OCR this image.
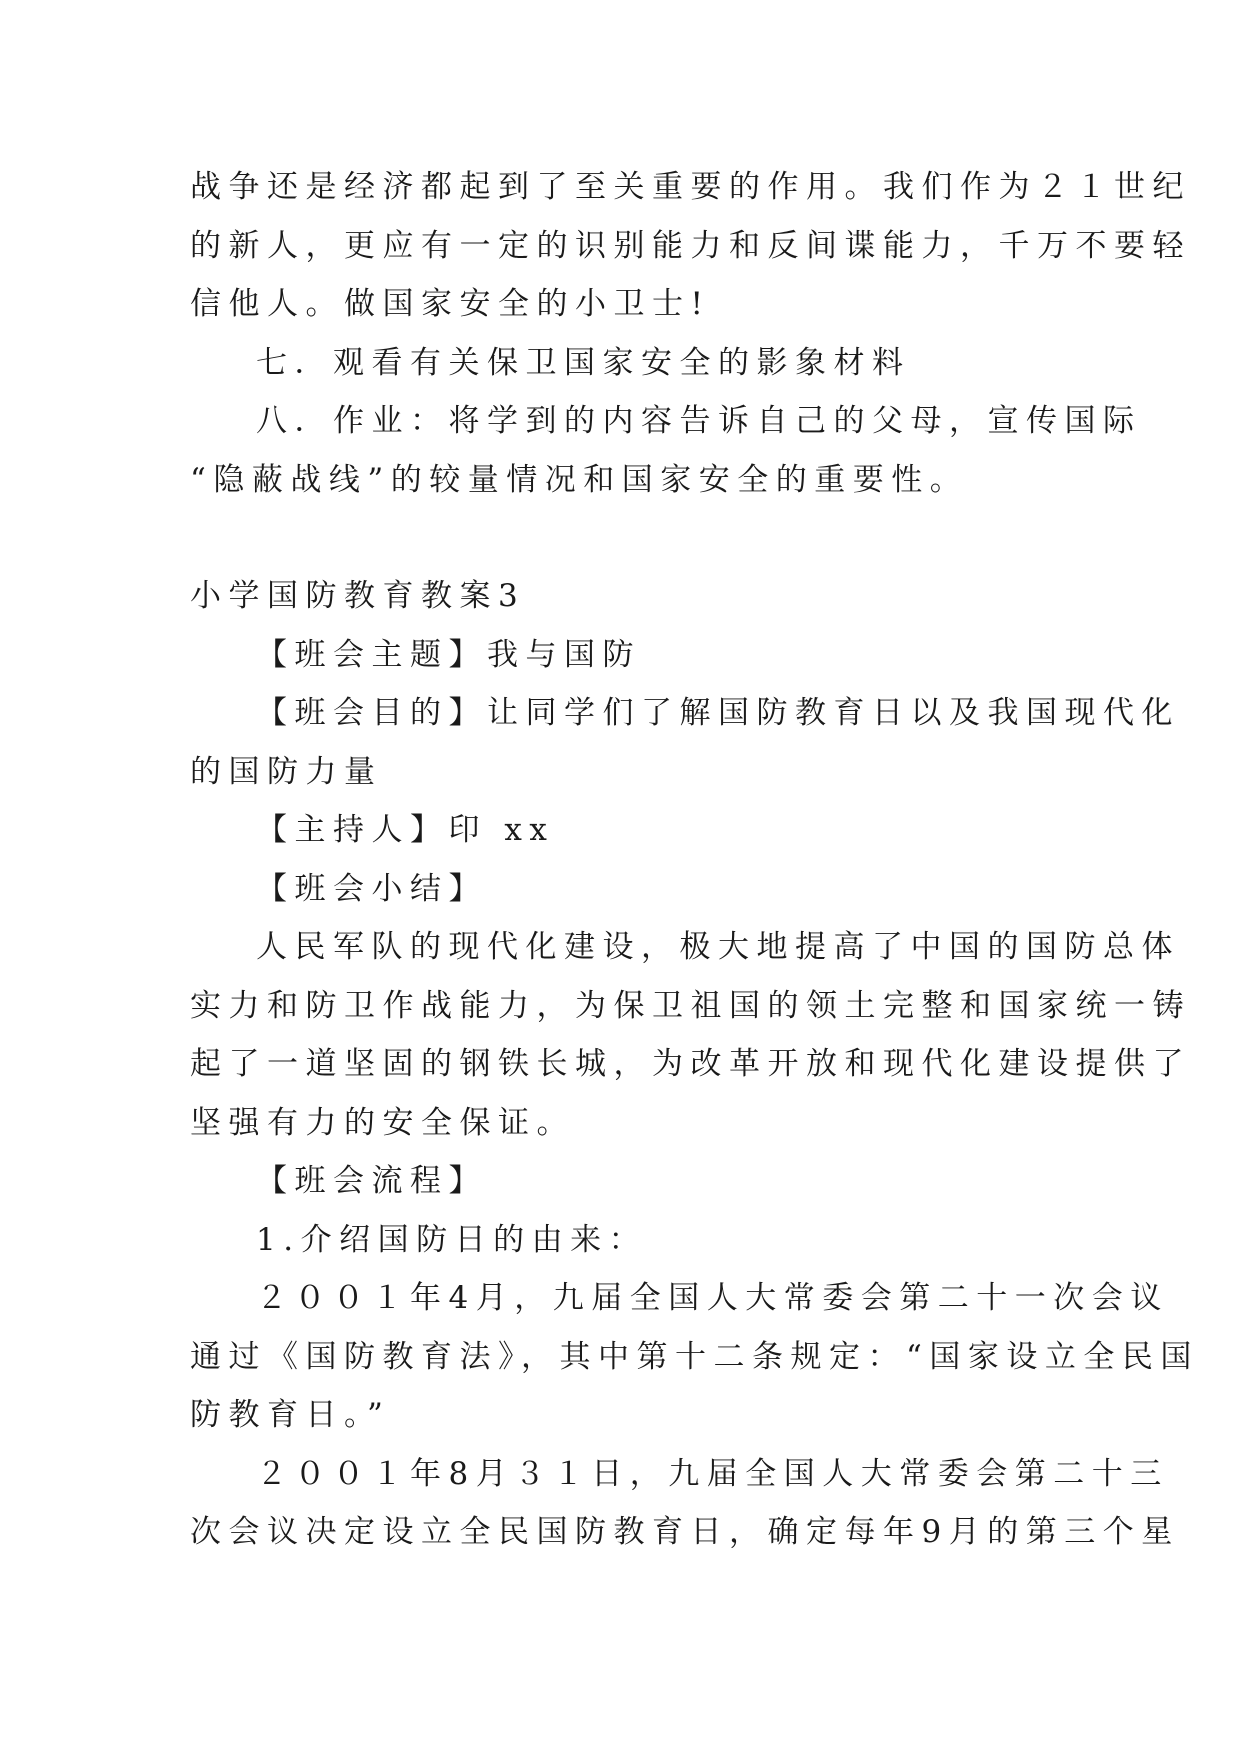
战争还是经济都起到了至关重要的作用。我们作为２１世纪

的新人，更应有一定的识别能力和反间谍能力，千万不要轻

信他人。做国家安全的小卫士!

七．观看有关保卫国家安全的影象材料

八．作业：将学到的内容告诉自己的父母，宣传国际

“隐蔽战线”的较量情况和国家安全的重要性。

小学国防教育教案3

【班会主题】我与国防

【班会目的】让同学们了解国防教育日以及我国现代化

的国防力量

【主持人】印 xx

【班会小结】

人民军队的现代化建设，极大地提高了中国的国防总体

实力和防卫作战能力，为保卫祖国的领土完整和国家统一铸

起了一道坚固的钢铁长城，为改革开放和现代化建设提供了

坚强有力的安全保证。

【班会流程】

1.介绍国防日的由来：

２００１年4月，九届全国人大常委会第二十一次会议

通过《国防教育法》，其中第十二条规定：“国家设立全民国

防教育日。”

２００１年8月３１日，九届全国人大常委会第二十三

次会议决定设立全民国防教育日，确定每年9月的第三个星
